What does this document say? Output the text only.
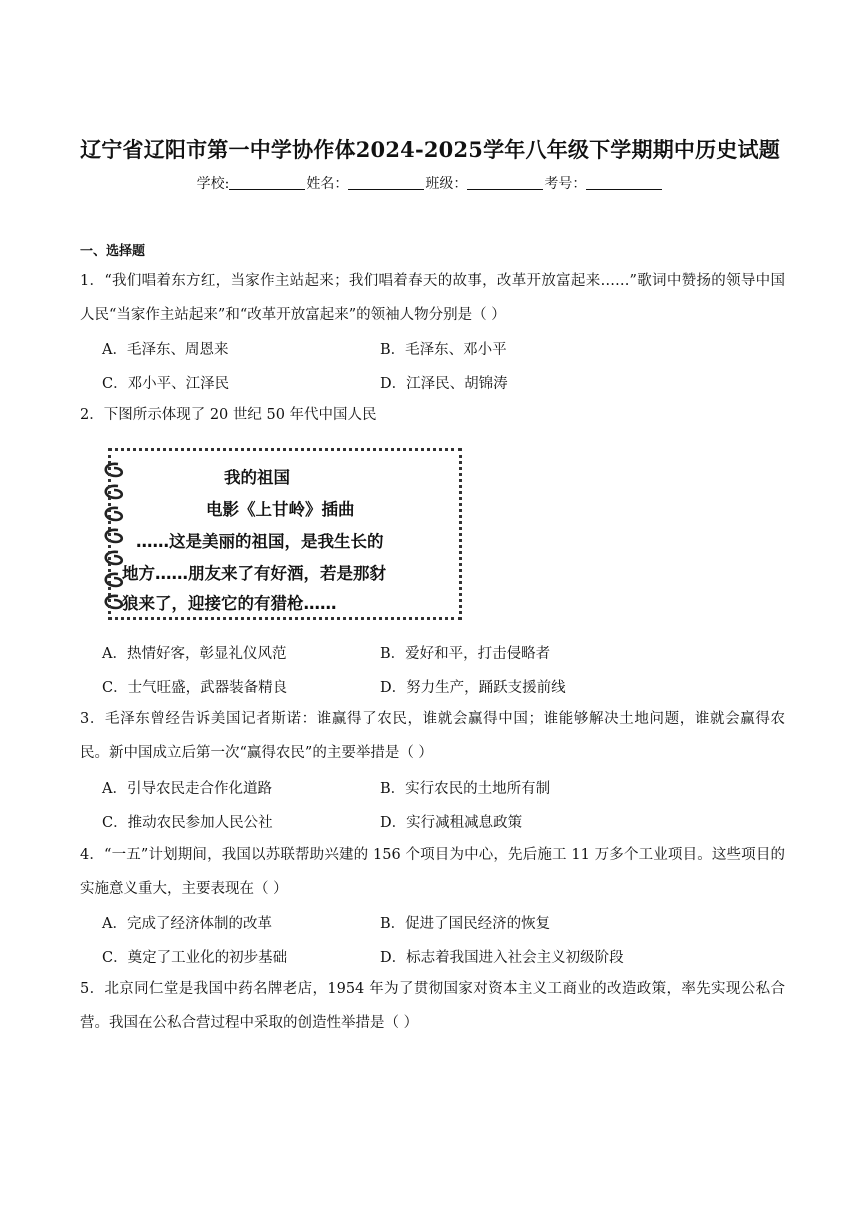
辽宁省辽阳市第一中学协作体2024-2025学年八年级下学期期中历史试题
学校:	姓名：	班级：	考号：
一、选择题
1．“我们唱着东方红，当家作主站起来；我们唱着春天的故事，改革开放富起来……”歌词中赞扬的领导中国人民“当家作主站起来”和“改革开放富起来”的领袖人物分别是（ ）
A．毛泽东、周恩来	B．毛泽东、邓小平
C．邓小平、江泽民	D．江泽民、胡锦涛
2．下图所示体现了 20 世纪 50 年代中国人民
我的祖国
电影《上甘岭》插曲
……这是美丽的祖国，是我生长的
地方……朋友来了有好酒，若是那豺
狼来了，迎接它的有猎枪……
A．热情好客，彰显礼仪风范	B．爱好和平，打击侵略者
C．士气旺盛，武器装备精良	D．努力生产，踊跃支援前线
3．毛泽东曾经告诉美国记者斯诺：谁赢得了农民，谁就会赢得中国；谁能够解决土地问题，谁就会赢得农民。新中国成立后第一次“赢得农民”的主要举措是（ ）
A．引导农民走合作化道路	B．实行农民的土地所有制
C．推动农民参加人民公社	D．实行减租减息政策
4．“一五”计划期间，我国以苏联帮助兴建的 156 个项目为中心，先后施工 11 万多个工业项目。这些项目的实施意义重大，主要表现在（ ）
A．完成了经济体制的改革	B．促进了国民经济的恢复
C．奠定了工业化的初步基础	D．标志着我国进入社会主义初级阶段
5．北京同仁堂是我国中药名牌老店，1954 年为了贯彻国家对资本主义工商业的改造政策，率先实现公私合营。我国在公私合营过程中采取的创造性举措是（ ）
